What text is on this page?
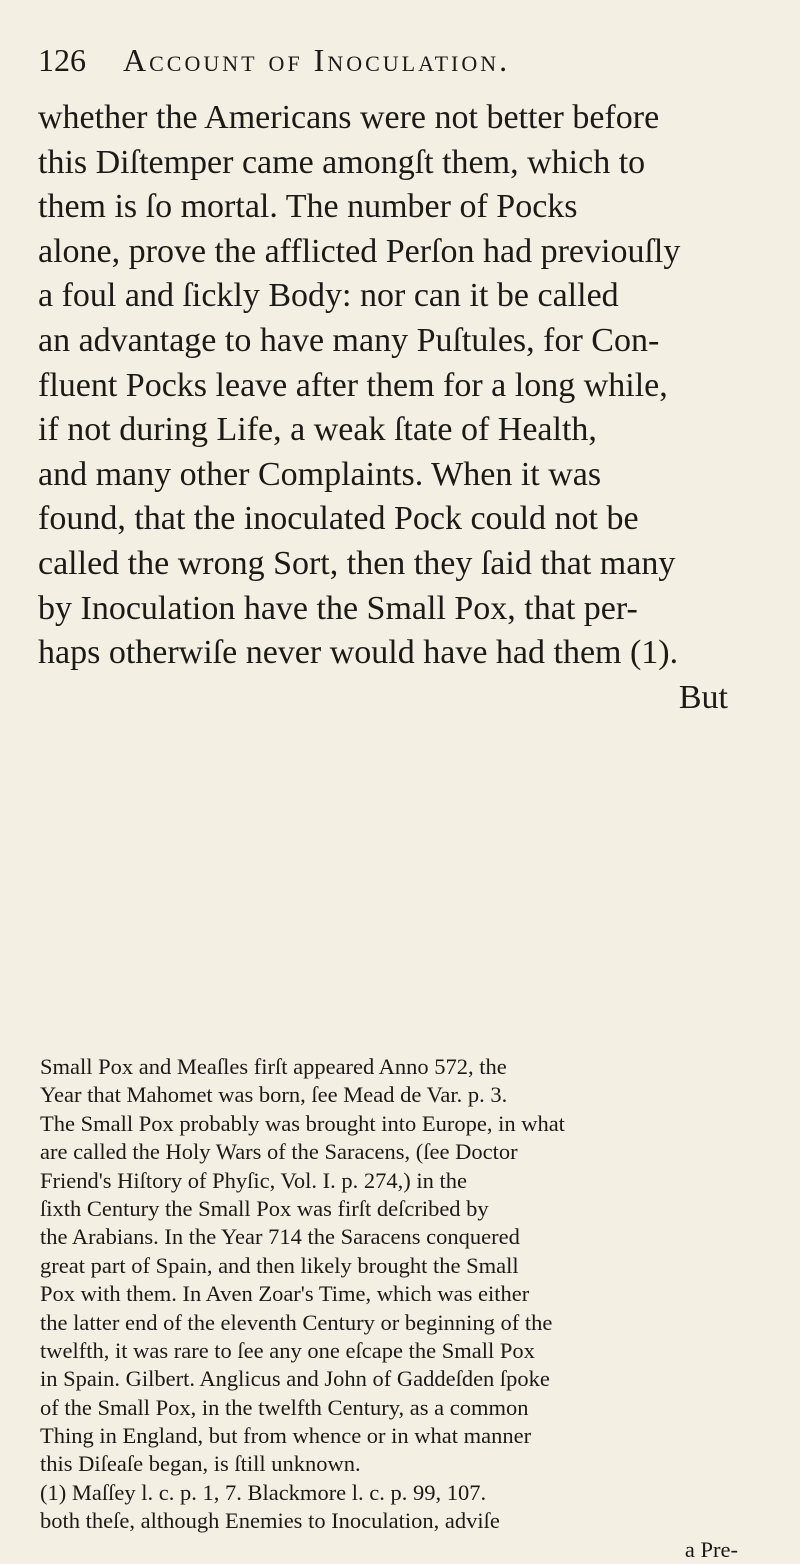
126 Account of Inoculation.
whether the Americans were not better before
this Diſtemper came amongſt them, which to
them is ſo mortal. The number of Pocks
alone, prove the afflicted Perſon had previouſly
a foul and ſickly Body: nor can it be called
an advantage to have many Puſtules, for Con-
fluent Pocks leave after them for a long while,
if not during Life, a weak ſtate of Health,
and many other Complaints. When it was
found, that the inoculated Pock could not be
called the wrong Sort, then they ſaid that many
by Inoculation have the Small Pox, that per-
haps otherwiſe never would have had them (1).
But
Small Pox and Meaſles firſt appeared Anno 572, the
Year that Mahomet was born, ſee Mead de Var. p. 3.
The Small Pox probably was brought into Europe, in what
are called the Holy Wars of the Saracens, (ſee Doctor
Friend's Hiſtory of Phyſic, Vol. I. p. 274,) in the
ſixth Century the Small Pox was firſt deſcribed by
the Arabians. In the Year 714 the Saracens conquered
great part of Spain, and then likely brought the Small
Pox with them. In Aven Zoar's Time, which was either
the latter end of the eleventh Century or beginning of the
twelfth, it was rare to ſee any one eſcape the Small Pox
in Spain. Gilbert. Anglicus and John of Gaddeſden ſpoke
of the Small Pox, in the twelfth Century, as a common
Thing in England, but from whence or in what manner
this Diſeaſe began, is ſtill unknown.
(1) Maſſey l. c. p. 1, 7. Blackmore l. c. p. 99, 107.
both theſe, although Enemies to Inoculation, adviſe
a Pre-
